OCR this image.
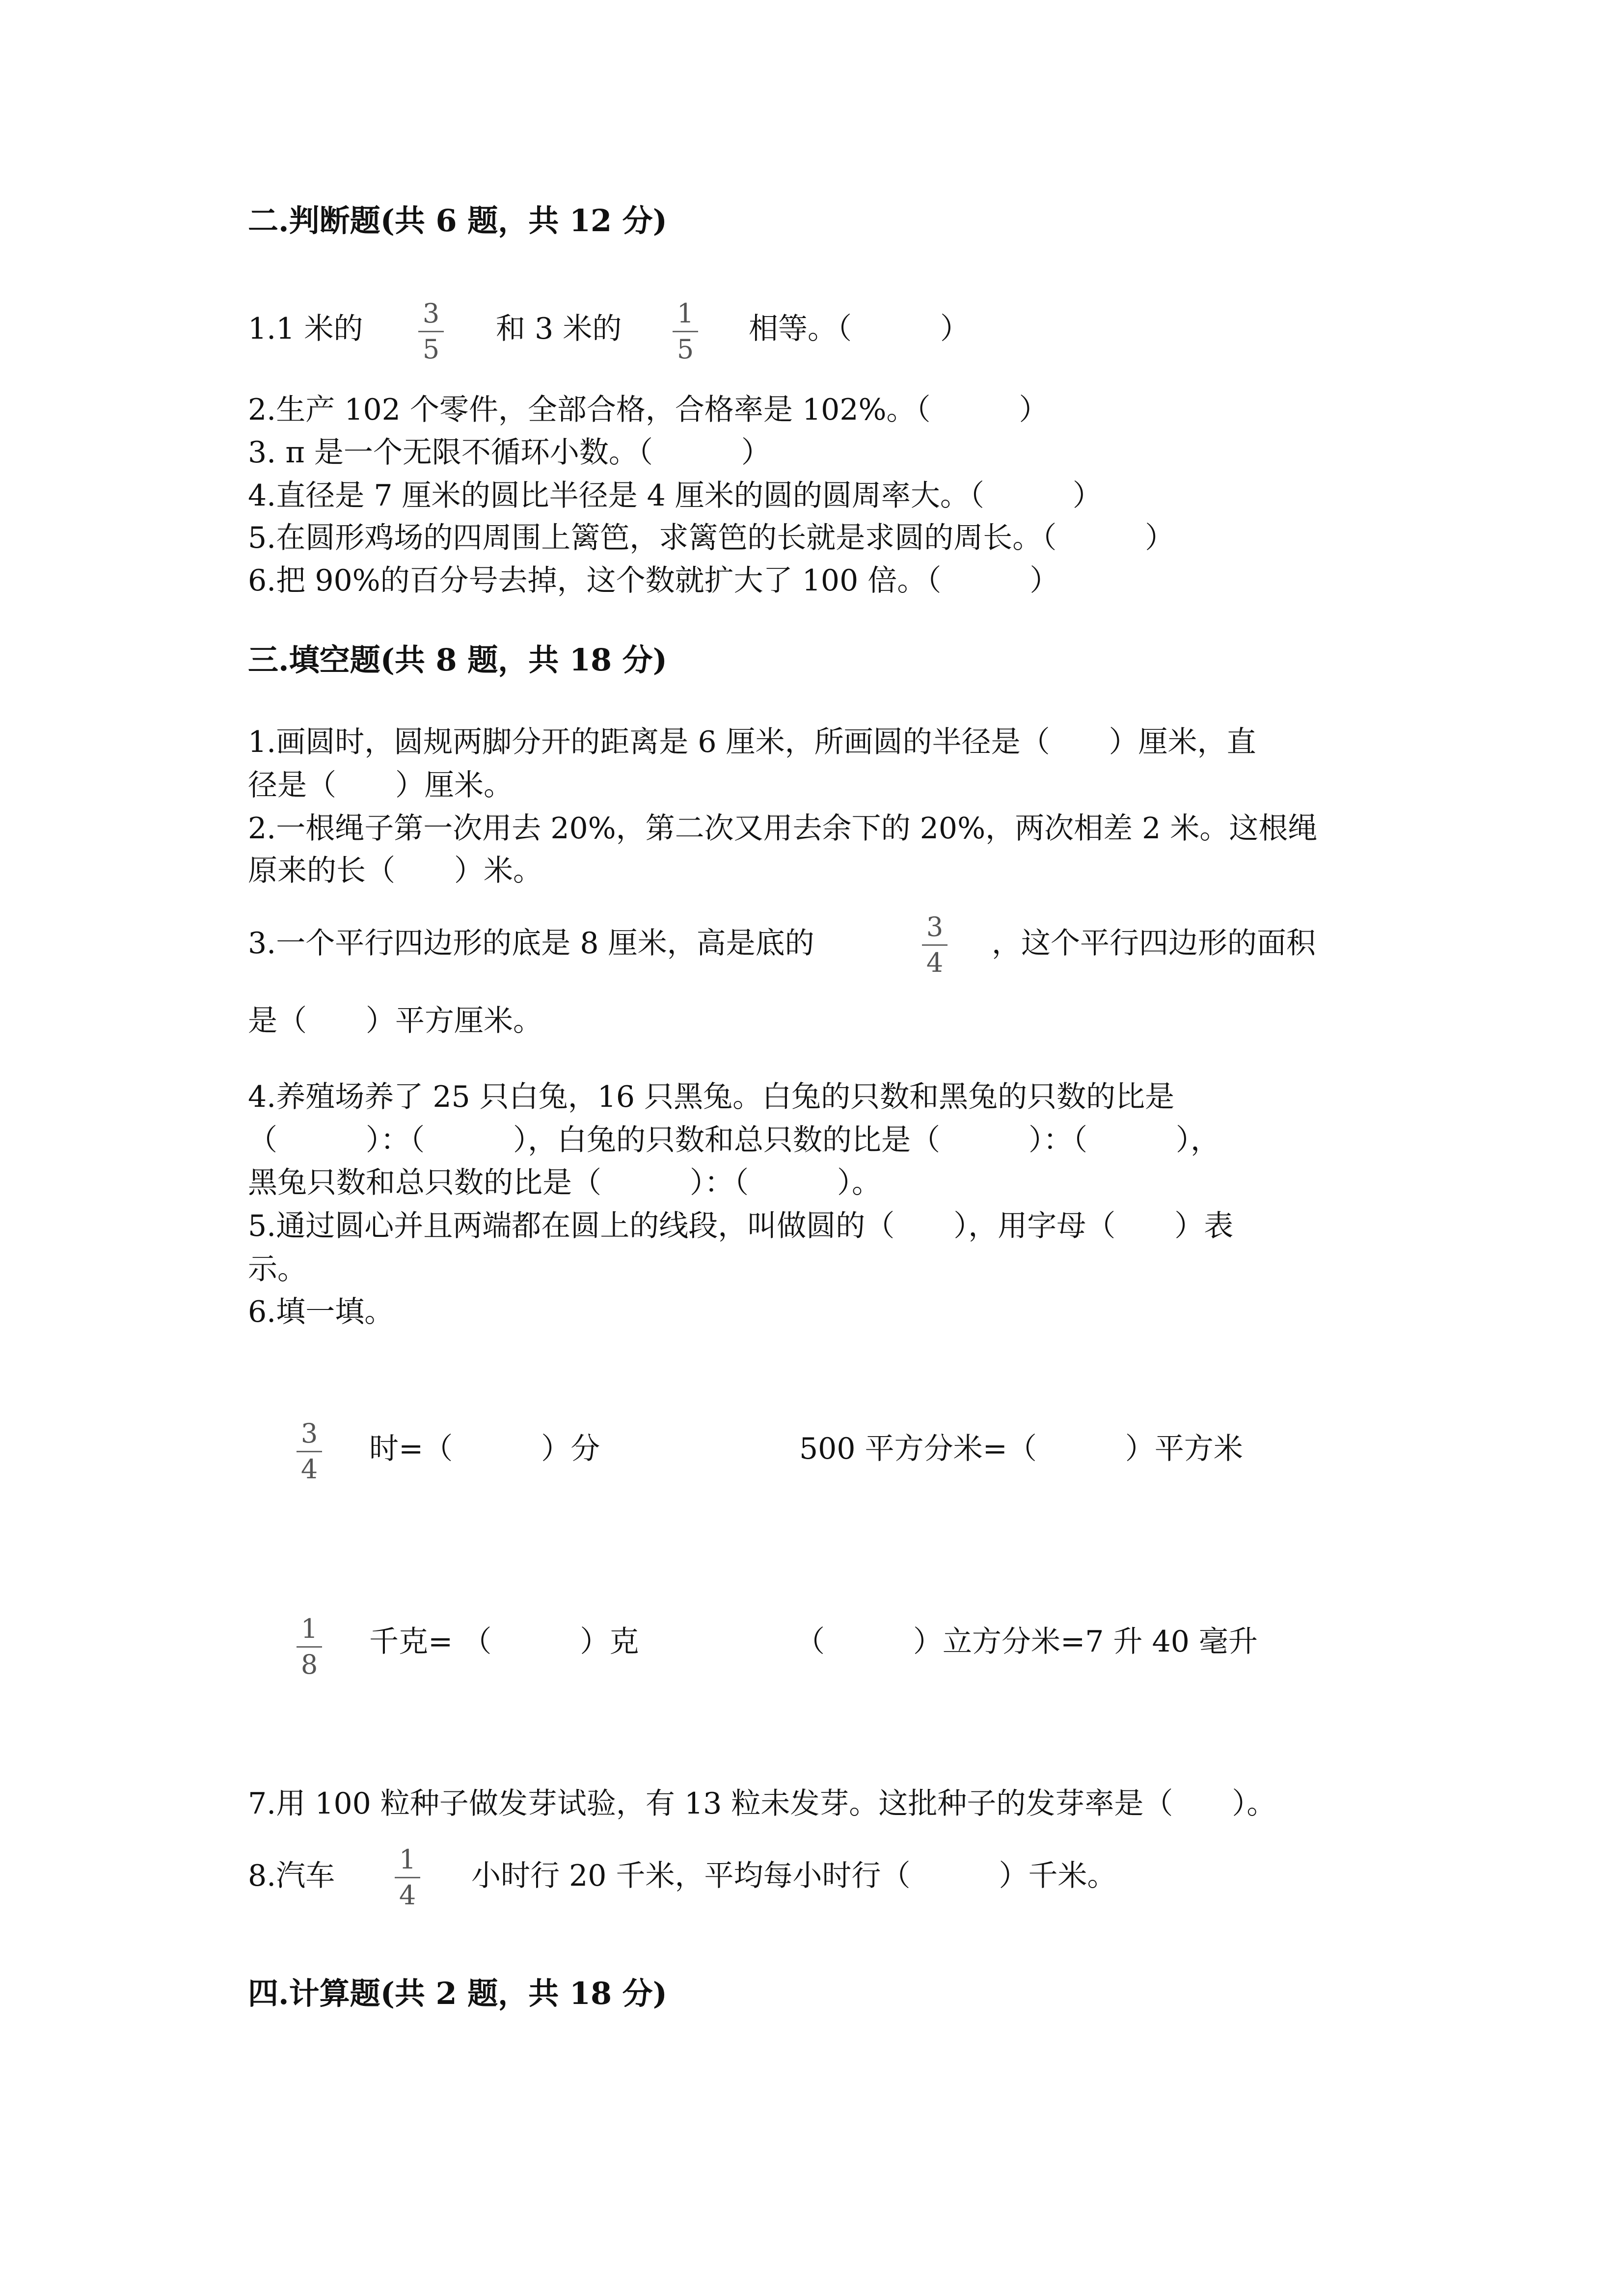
二.判断题(共 6 题，共 12 分)
1.1 米的 3
5
和 3 米的 1
5
相等。（　　　）
2.生产 102 个零件，全部合格，合格率是 102%。（　　　）
3. π 是一个无限不循环小数。（　　　）
4.直径是 7 厘米的圆比半径是 4 厘米的圆的圆周率大。（　　　）
5.在圆形鸡场的四周围上篱笆，求篱笆的长就是求圆的周长。（　　　）
6.把 90%的百分号去掉，这个数就扩大了 100 倍。（　　　）
三.填空题(共 8 题，共 18 分)
1.画圆时，圆规两脚分开的距离是 6 厘米，所画圆的半径是（　　）厘米，直
径是（　　）厘米。
2.一根绳子第一次用去 20%，第二次又用去余下的 20%，两次相差 2 米。这根绳
原来的长（　　）米。
3.一个平行四边形的底是 8 厘米，高是底的	3
4
，这个平行四边形的面积
是（　　）平方厘米。
4.养殖场养了 25 只白兔，16 只黑兔。白兔的只数和黑兔的只数的比是
（　　　）：（　　　），白兔的只数和总只数的比是（　　　）：（　　　），
黑兔只数和总只数的比是（　　　）：（　　　）。
5.通过圆心并且两端都在圆上的线段，叫做圆的（　　），用字母（　　）表
示。
6.填一填。
3
4
时=（　　　）分	500 平方分米=（　　　）平方米
1
8
千克= （　　　）克	（　　　）立方分米=7 升 40 毫升
7.用 100 粒种子做发芽试验，有 13 粒未发芽。这批种子的发芽率是（　　）。
8.汽车 1
4
小时行 20 千米，平均每小时行（　　　）千米。
四.计算题(共 2 题，共 18 分)
